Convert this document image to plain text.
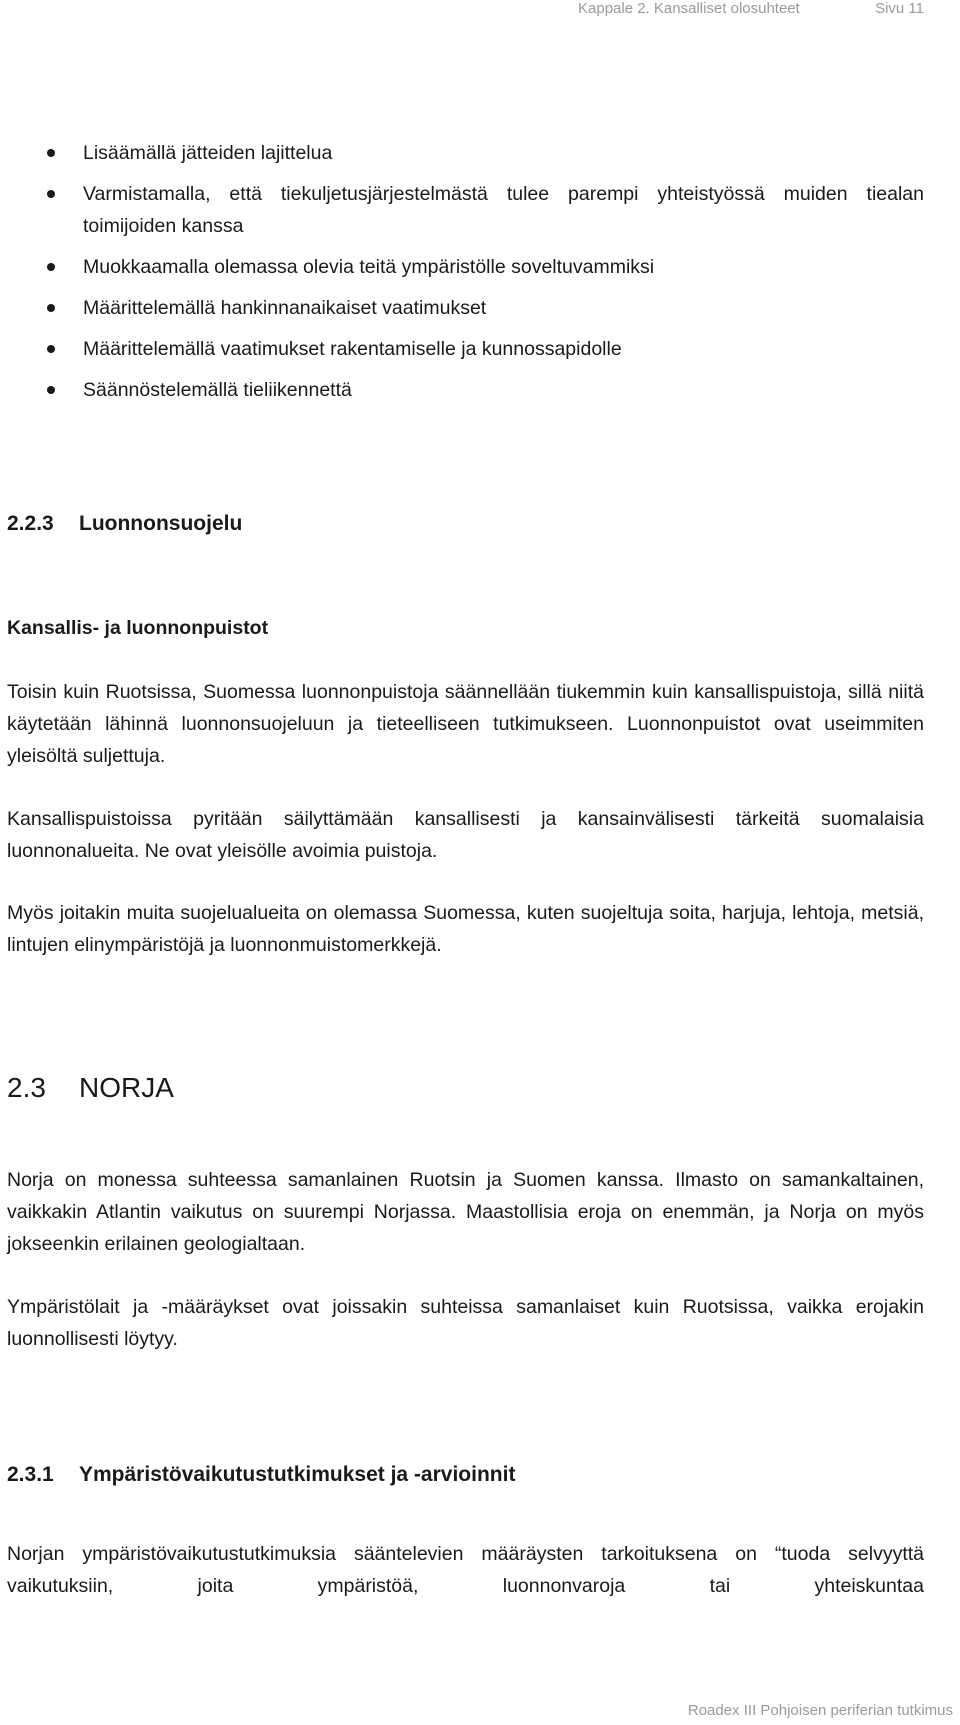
Kappale 2. Kansalliset olosuhteet	Sivu 11
Lisäämällä jätteiden lajittelua
Varmistamalla, että tiekuljetusjärjestelmästä tulee parempi yhteistyössä muiden tiealan toimijoiden kanssa
Muokkaamalla olemassa olevia teitä ympäristölle soveltuvammiksi
Määrittelemällä hankinnanaikaiset vaatimukset
Määrittelemällä vaatimukset rakentamiselle ja kunnossapidolle
Säännöstelemällä tieliikennettä
2.2.3 Luonnonsuojelu
Kansallis- ja luonnonpuistot

Toisin kuin Ruotsissa, Suomessa luonnonpuistoja säännellään tiukemmin kuin kansallispuistoja, sillä niitä käytetään lähinnä luonnonsuojeluun ja tieteelliseen tutkimukseen. Luonnonpuistot ovat useimmiten yleisöltä suljettuja.

Kansallispuistoissa pyritään säilyttämään kansallisesti ja kansainvälisesti tärkeitä suomalaisia luonnonalueita. Ne ovat yleisölle avoimia puistoja.

Myös joitakin muita suojelualueita on olemassa Suomessa, kuten suojeltuja soita, harjuja, lehtoja, metsiä, lintujen elinympäristöjä ja luonnonmuistomerkkejä.

2.3 NORJA

Norja on monessa suhteessa samanlainen Ruotsin ja Suomen kanssa. Ilmasto on samankaltainen, vaikkakin Atlantin vaikutus on suurempi Norjassa. Maastollisia eroja on enemmän, ja Norja on myös jokseenkin erilainen geologialtaan.

Ympäristölait ja -määräykset ovat joissakin suhteissa samanlaiset kuin Ruotsissa, vaikka erojakin luonnollisesti löytyy.

2.3.1 Ympäristövaikutustutkimukset ja -arvioinnit

Norjan ympäristövaikutustutkimuksia sääntelevien määräysten tarkoituksena on “tuoda selvyyttä vaikutuksiin, joita ympäristöä, luonnonvaroja tai yhteiskuntaa

Roadex III Pohjoisen periferian tutkimus
